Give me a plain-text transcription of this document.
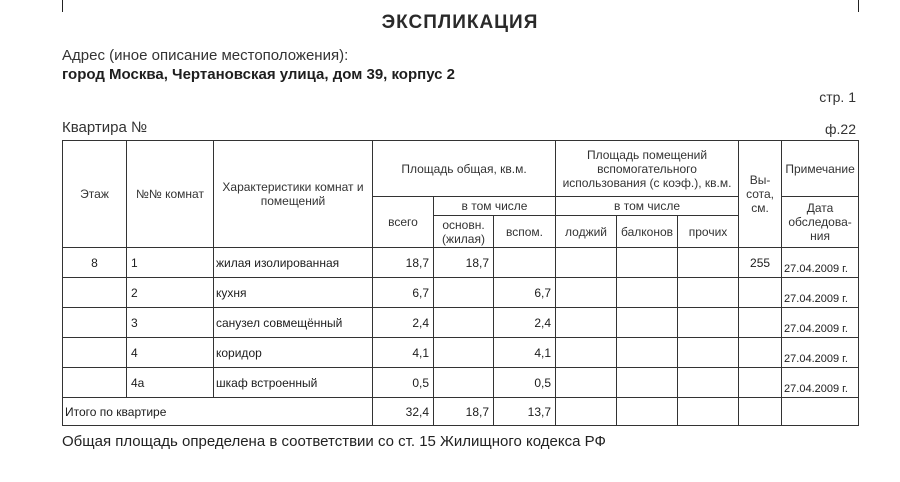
ЭКСПЛИКАЦИЯ
Адрес (иное описание местоположения):
город Москва, Чертановская улица, дом 39, корпус 2
стр. 1
Квартира №	ф.22
Этаж	№№ комнат	Характеристики комнат и помещений	Площадь общая, кв.м.			Площадь помещений вспомогательного использования (с коэф.), кв.м.			Вы-сота, см.	Примечание
			всего	в том числе		в том числе				Дата обследова-ния
				основн. (жилая)	вспом.	лоджий	балконов	прочих		
8	1	жилая изолированная	18,7	18,7					255	27.04.2009 г.
	2	кухня	6,7		6,7					27.04.2009 г.
	3	санузел совмещённый	2,4		2,4					27.04.2009 г.
	4	коридор	4,1		4,1					27.04.2009 г.
	4а	шкаф встроенный	0,5		0,5					27.04.2009 г.
Итого по квартире			32,4	18,7	13,7					
Общая площадь определена в соответствии со ст. 15 Жилищного кодекса РФ
